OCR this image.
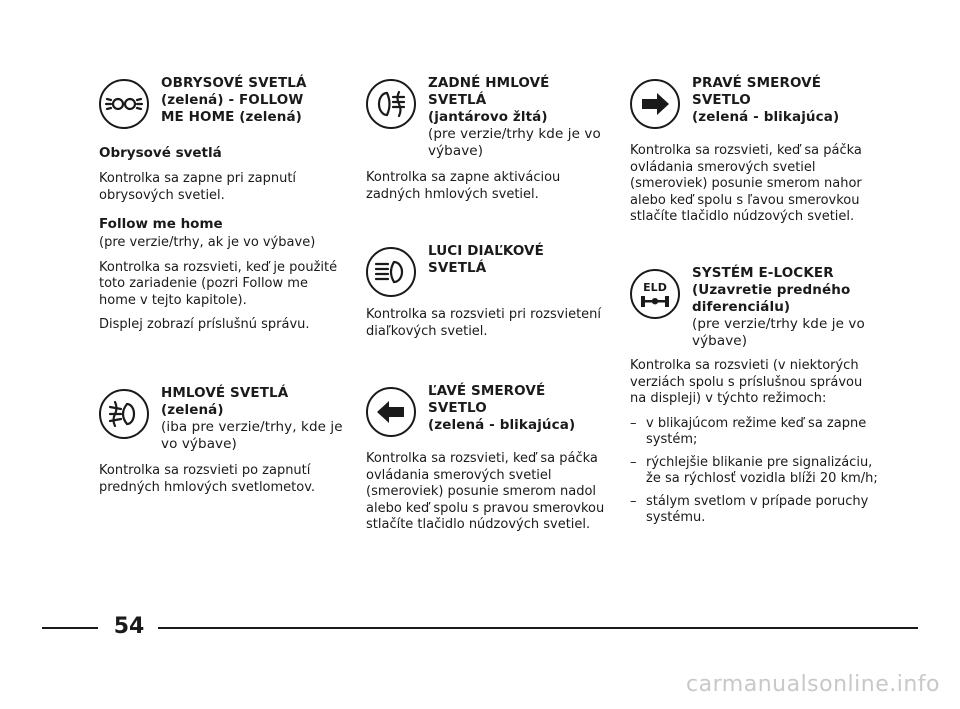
OBRYSOVÉ SVETLÁ
(zelená) - FOLLOW
ME HOME (zelená)
Obrysové svetlá

Kontrolka sa zapne pri zapnutí obrysových svetiel.

Follow me home

(pre verzie/trhy, ak je vo výbave)

Kontrolka sa rozsvieti, keď je použité toto zariadenie (pozri Follow me home v tejto kapitole).

Displej zobrazí príslušnú správu.

HMLOVÉ SVETLÁ
(zelená)
(iba pre verzie/trhy, kde je vo výbave)

Kontrolka sa rozsvieti po zapnutí predných hmlových svetlometov.

ZADNÉ HMLOVÉ
SVETLÁ
(jantárovo žltá)
(pre verzie/trhy kde je vo výbave)

Kontrolka sa zapne aktiváciou zadných hmlových svetiel.

LUCI DIAĽKOVÉ
SVETLÁ

Kontrolka sa rozsvieti pri rozsvietení diaľkových svetiel.

ĽAVÉ SMEROVÉ
SVETLO
(zelená - blikajúca)

Kontrolka sa rozsvieti, keď sa páčka ovládania smerových svetiel (smeroviek) posunie smerom nadol alebo keď spolu s pravou smerovkou stlačíte tlačidlo núdzových svetiel.

PRAVÉ SMEROVÉ
SVETLO
(zelená - blikajúca)

Kontrolka sa rozsvieti, keď sa páčka ovládania smerových svetiel (smeroviek) posunie smerom nahor alebo keď spolu s ľavou smerovkou stlačíte tlačidlo núdzových svetiel.

ELD
SYSTÉM E-LOCKER
(Uzavretie predného
diferenciálu)
(pre verzie/trhy kde je vo výbave)

Kontrolka sa rozsvieti (v niektorých verziách spolu s príslušnou správou na displeji) v týchto režimoch:

– v blikajúcom režime keď sa zapne systém;
– rýchlejšie blikanie pre signalizáciu, že sa rýchlosť vozidla blíži 20 km/h;
– stálym svetlom v prípade poruchy systému.
54
carmanualsonline.info
